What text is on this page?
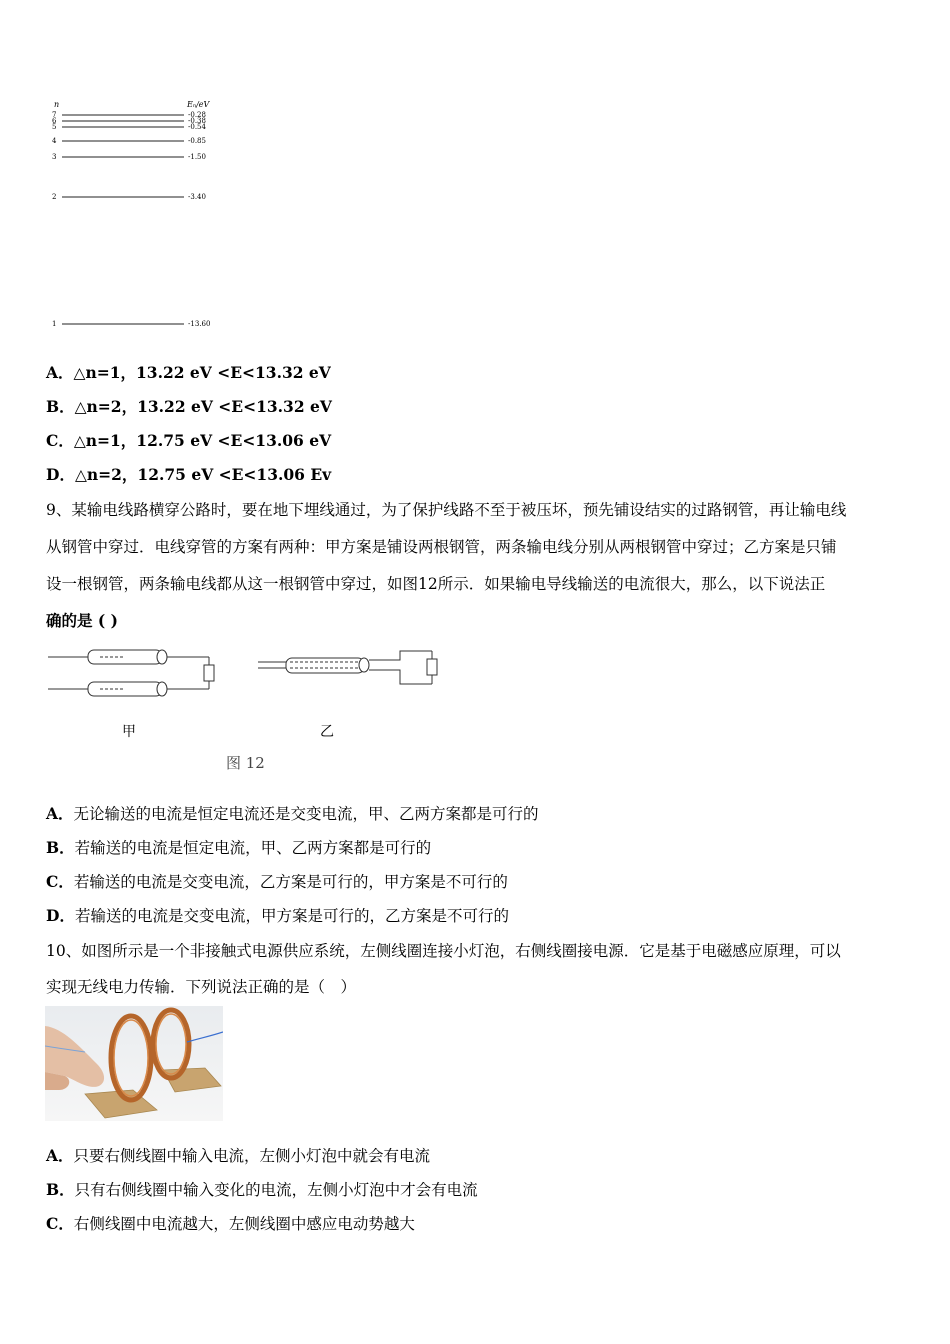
n	Eₙ/eV
7	-0.28
6	-0.38
5	-0.54
4	-0.85
3	-1.50
2	-3.40
1	-13.60
A．△n=1，13.22 eV <E<13.32 eV
B．△n=2，13.22 eV <E<13.32 eV
C．△n=1，12.75 eV <E<13.06 eV
D．△n=2，12.75 eV <E<13.06 Ev
9、某输电线路横穿公路时，要在地下埋线通过，为了保护线路不至于被压坏，预先铺设结实的过路钢管，再让输电线
从钢管中穿过．电线穿管的方案有两种：甲方案是铺设两根钢管，两条输电线分别从两根钢管中穿过；乙方案是只铺
设一根钢管，两条输电线都从这一根钢管中穿过，如图12所示．如果输电导线输送的电流很大，那么，以下说法正
确的是 ( )
甲	乙
图 12
A．无论输送的电流是恒定电流还是交变电流，甲、乙两方案都是可行的
B．若输送的电流是恒定电流，甲、乙两方案都是可行的
C．若输送的电流是交变电流，乙方案是可行的，甲方案是不可行的
D．若输送的电流是交变电流，甲方案是可行的，乙方案是不可行的
10、如图所示是一个非接触式电源供应系统，左侧线圈连接小灯泡，右侧线圈接电源．它是基于电磁感应原理，可以
实现无线电力传输．下列说法正确的是（　）
A．只要右侧线圈中输入电流，左侧小灯泡中就会有电流
B．只有右侧线圈中输入变化的电流，左侧小灯泡中才会有电流
C．右侧线圈中电流越大，左侧线圈中感应电动势越大
